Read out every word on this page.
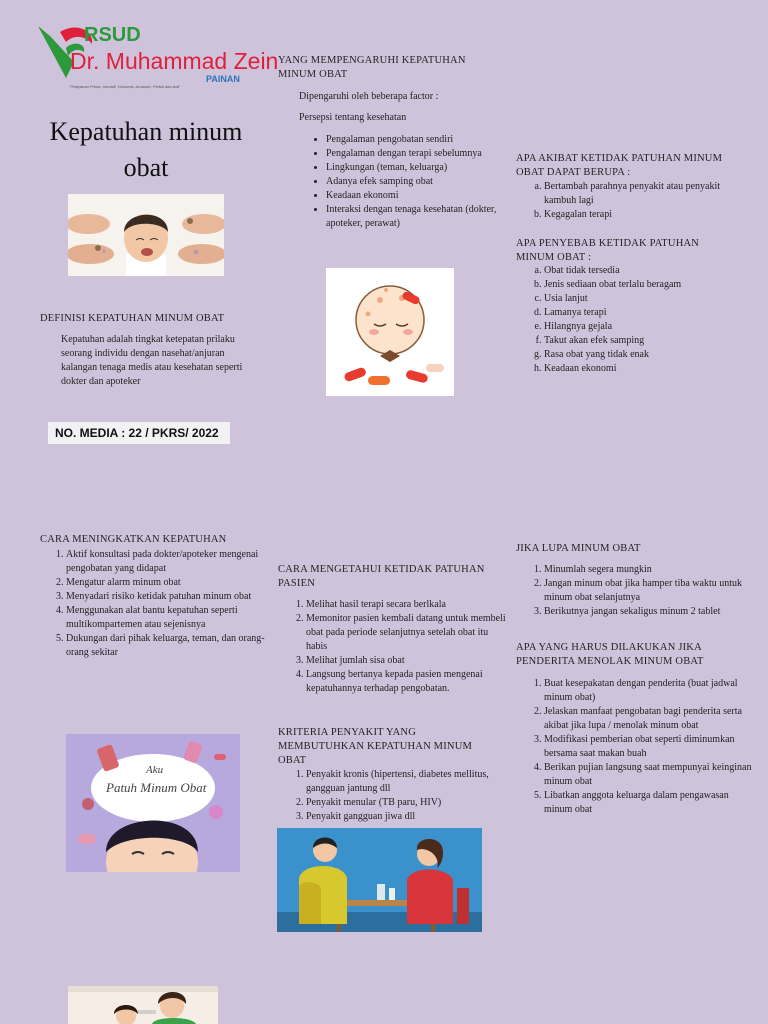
RSUD
Dr. Muhammad Zein
PAINAN
Pelayanan Prima, Inovatif, Humanis, Amanah, Peduli dan Adil
Kepatuhan minum obat
DEFINISI KEPATUHAN MINUM OBAT
Kepatuhan adalah tingkat ketepatan prilaku seorang individu dengan nasehat/anjuran kalangan tenaga medis atau kesehatan seperti dokter dan apoteker
NO. MEDIA : 22 / PKRS/ 2022
YANG MEMPENGARUHI KEPATUHAN MINUM OBAT
Dipengaruhi oleh beberapa factor :
Persepsi tentang kesehatan
• Pengalaman pengobatan sendiri
• Pengalaman dengan terapi sebelumnya
• Lingkungan (teman, keluarga)
• Adanya efek samping obat
• Keadaan ekonomi
• Interaksi dengan tenaga kesehatan (dokter, apoteker, perawat)
APA AKIBAT KETIDAK PATUHAN MINUM OBAT DAPAT BERUPA :
a. Bertambah parahnya penyakit atau penyakit kambuh lagi
b. Kegagalan terapi
APA PENYEBAB KETIDAK PATUHAN MINUM OBAT :
a. Obat tidak tersedia
b. Jenis sediaan obat terlalu beragam
c. Usia lanjut
d. Lamanya terapi
e. Hilangnya gejala
f. Takut akan efek samping
g. Rasa obat yang tidak enak
h. Keadaan ekonomi
CARA MENINGKATKAN KEPATUHAN
1. Aktif konsultasi pada dokter/apoteker mengenai pengobatan yang didapat
2. Mengatur alarm minum obat
3. Menyadari risiko ketidak patuhan minum obat
4. Menggunakan alat bantu kepatuhan seperti multikompartemen atau sejenisnya
5. Dukungan dari pihak keluarga, teman, dan orang-orang sekitar
Aku
Patuh Minum Obat
CARA MENGETAHUI KETIDAK PATUHAN PASIEN
1. Melihat hasil terapi secara berlkala
2. Memonitor pasien kembali datang untuk membeli obat pada periode selanjutnya setelah obat itu habis
3. Melihat jumlah sisa obat
4. Langsung bertanya kepada pasien mengenai kepatuhannya terhadap pengobatan.
KRITERIA PENYAKIT YANG MEMBUTUHKAN KEPATUHAN MINUM OBAT
1. Penyakit kronis (hipertensi, diabetes mellitus, gangguan jantung dll
2. Penyakit menular (TB paru, HIV)
3. Penyakit gangguan jiwa dll
JIKA LUPA MINUM OBAT
1. Minumlah segera mungkin
2. Jangan minum obat jika hamper tiba waktu untuk minum obat selanjutnya
3. Berikutnya jangan sekaligus minum 2 tablet
APA YANG HARUS DILAKUKAN JIKA PENDERITA MENOLAK MINUM OBAT
1. Buat kesepakatan dengan penderita (buat jadwal minum obat)
2. Jelaskan manfaat pengobatan bagi penderita serta akibat jika lupa / menolak minum obat
3. Modifikasi pemberian obat seperti diminumkan bersama saat makan buah
4. Berikan pujian langsung saat mempunyai keinginan minum obat
5. Libatkan anggota keluarga dalam pengawasan minum obat
